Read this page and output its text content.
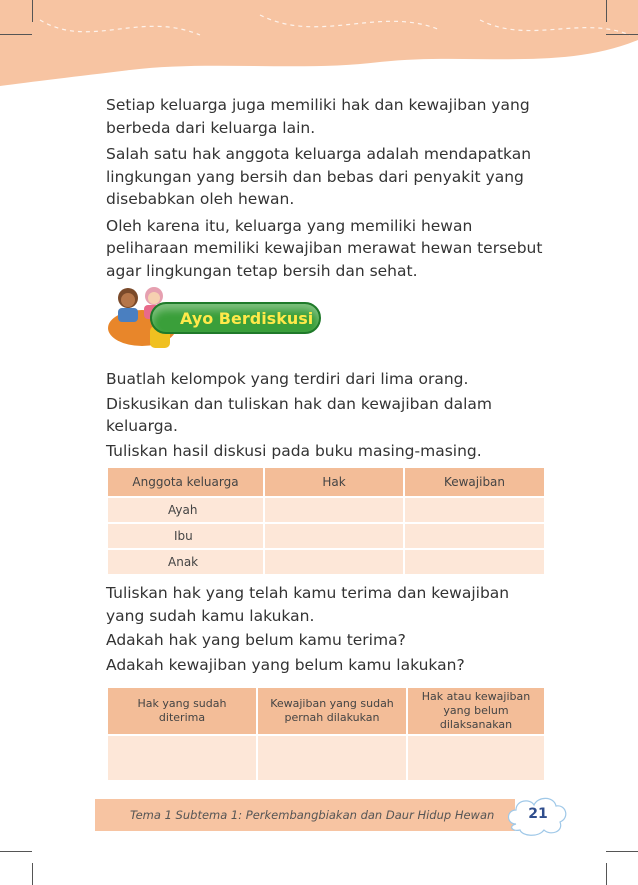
Setiap keluarga juga memiliki hak dan kewajiban yang berbeda dari keluarga lain.

Salah satu hak anggota keluarga adalah mendapatkan lingkungan yang bersih dan bebas dari penyakit yang disebabkan oleh hewan.

Oleh karena itu, keluarga yang memiliki hewan peliharaan memiliki kewajiban merawat hewan tersebut agar lingkungan tetap bersih dan sehat.

Ayo Berdiskusi

Buatlah kelompok yang terdiri dari lima orang.

Diskusikan dan tuliskan hak dan kewajiban dalam keluarga.

Tuliskan hasil diskusi pada buku masing-masing.

Anggota keluarga	Hak	Kewajiban
Ayah		
Ibu		
Anak		

Tuliskan hak yang telah kamu terima dan kewajiban yang sudah kamu lakukan.

Adakah hak yang belum kamu terima?

Adakah kewajiban yang belum kamu lakukan?

Hak yang sudah diterima	Kewajiban yang sudah pernah dilakukan	Hak atau kewajiban yang belum dilaksanakan

Tema 1 Subtema 1: Perkembangbiakan dan Daur Hidup Hewan	21
